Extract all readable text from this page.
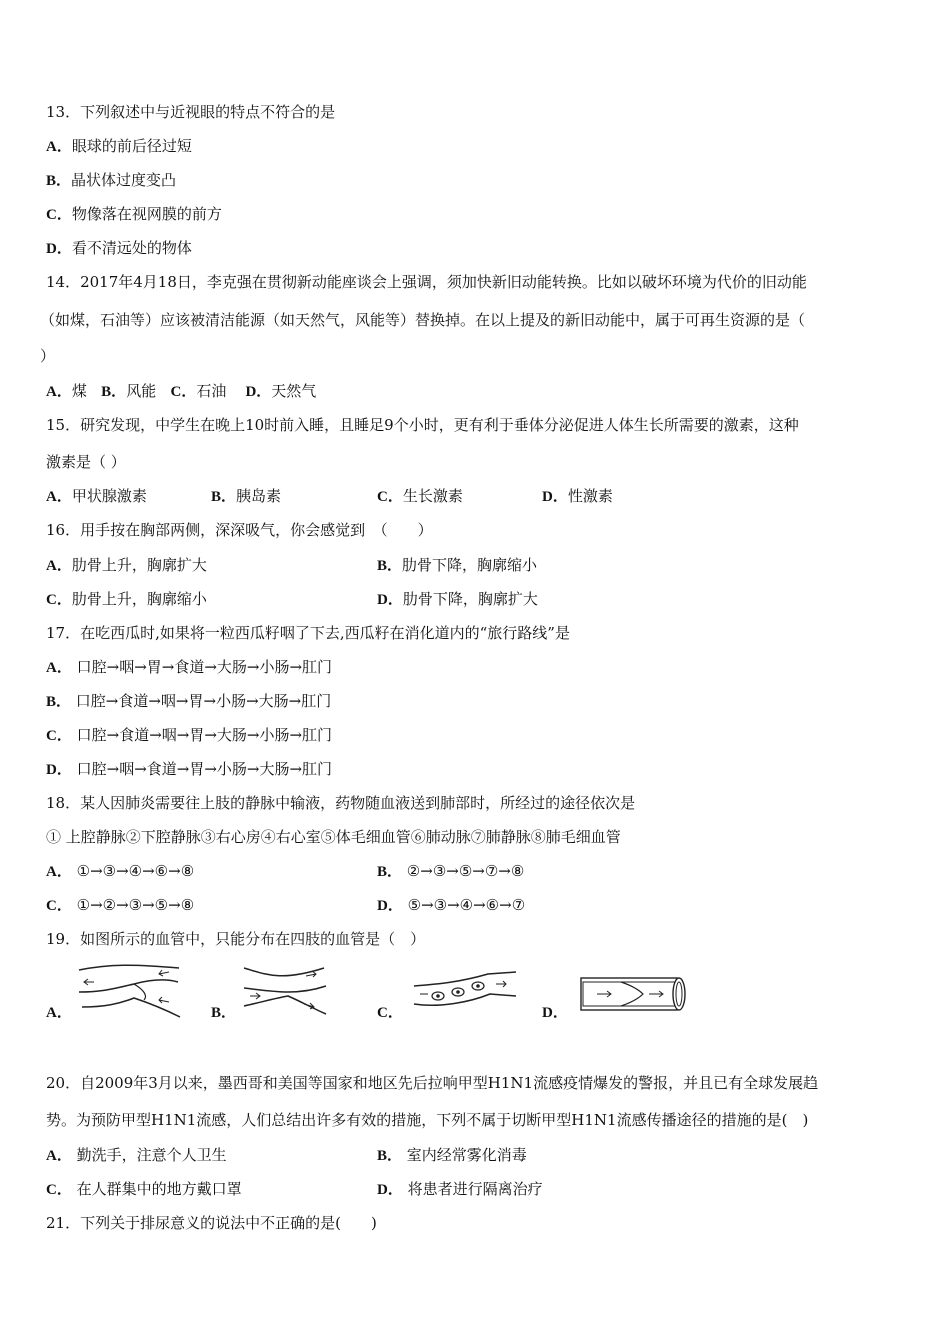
13．下列叙述中与近视眼的特点不符合的是
A．眼球的前后径过短
B．晶状体过度变凸
C．物像落在视网膜的前方
D．看不清远处的物体
14．2017年4月18日，李克强在贯彻新动能座谈会上强调，须加快新旧动能转换。比如以破坏环境为代价的旧动能
（如煤，石油等）应该被清洁能源（如天然气，风能等）替换掉。在以上提及的新旧动能中，属于可再生资源的是（
）
A．煤 B．风能 C．石油 D．天然气
15．研究发现，中学生在晚上10时前入睡，且睡足9个小时，更有利于垂体分泌促进人体生长所需要的激素，这种
激素是（ ）
A．甲状腺激素	B．胰岛素	C．生长激素	D．性激素
16．用手按在胸部两侧，深深吸气，你会感觉到　（　　）
A．肋骨上升，胸廓扩大	B．肋骨下降，胸廓缩小
C．肋骨上升，胸廓缩小	D．肋骨下降，胸廓扩大
17．在吃西瓜时,如果将一粒西瓜籽咽了下去,西瓜籽在消化道内的“旅行路线”是
A． 口腔→咽→胃→食道→大肠→小肠→肛门
B． 口腔→食道→咽→胃→小肠→大肠→肛门
C． 口腔→食道→咽→胃→大肠→小肠→肛门
D． 口腔→咽→食道→胃→小肠→大肠→肛门
18．某人因肺炎需要往上肢的静脉中输液，药物随血液送到肺部时，所经过的途径依次是
① 上腔静脉②下腔静脉③右心房④右心室⑤体毛细血管⑥肺动脉⑦肺静脉⑧肺毛细血管
A． ①→③→④→⑥→⑧	B． ②→③→⑤→⑦→⑧
C． ①→②→③→⑤→⑧	D． ⑤→③→④→⑥→⑦
19．如图所示的血管中，只能分布在四肢的血管是（　）
A．	B．	C．	D．
20．自2009年3月以来，墨西哥和美国等国家和地区先后拉响甲型H1N1流感疫情爆发的警报，并且已有全球发展趋
势。为预防甲型H1N1流感，人们总结出许多有效的措施，下列不属于切断甲型H1N1流感传播途径的措施的是(　)
A． 勤洗手，注意个人卫生	B． 室内经常雾化消毒
C． 在人群集中的地方戴口罩	D． 将患者进行隔离治疗
21．下列关于排尿意义的说法中不正确的是(　　)
